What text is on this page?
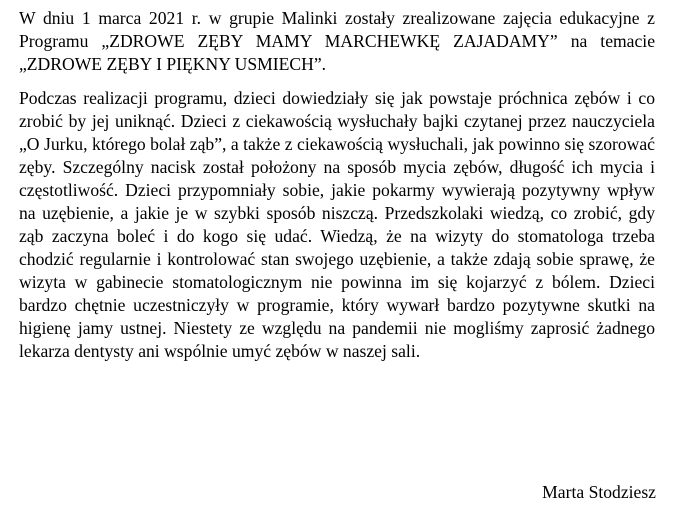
W dniu 1 marca 2021 r. w grupie Malinki zostały zrealizowane zajęcia edukacyjne z Programu „ZDROWE ZĘBY MAMY MARCHEWKĘ ZAJADAMY” na temacie „ZDROWE ZĘBY I PIĘKNY USMIECH”.

Podczas realizacji programu, dzieci dowiedziały się jak powstaje próchnica zębów i co zrobić by jej uniknąć. Dzieci z ciekawością wysłuchały bajki czytanej przez nauczyciela „O Jurku, którego bolał ząb”, a także z ciekawością wysłuchali, jak powinno się szorować zęby. Szczególny nacisk został położony na sposób mycia zębów, długość ich mycia i częstotliwość. Dzieci przypomniały sobie, jakie pokarmy wywierają pozytywny wpływ na uzębienie, a jakie je w szybki sposób niszczą. Przedszkolaki wiedzą, co zrobić, gdy ząb zaczyna boleć i do kogo się udać. Wiedzą, że na wizyty do stomatologa trzeba chodzić regularnie i kontrolować stan swojego uzębienie, a także zdają sobie sprawę, że wizyta w gabinecie stomatologicznym nie powinna im się kojarzyć z bólem. Dzieci bardzo chętnie uczestniczyły w programie, który wywarł bardzo pozytywne skutki na higienę jamy ustnej. Niestety ze względu na pandemii nie mogliśmy zaprosić żadnego lekarza dentysty ani wspólnie umyć zębów w naszej sali.

Marta Stodziesz
